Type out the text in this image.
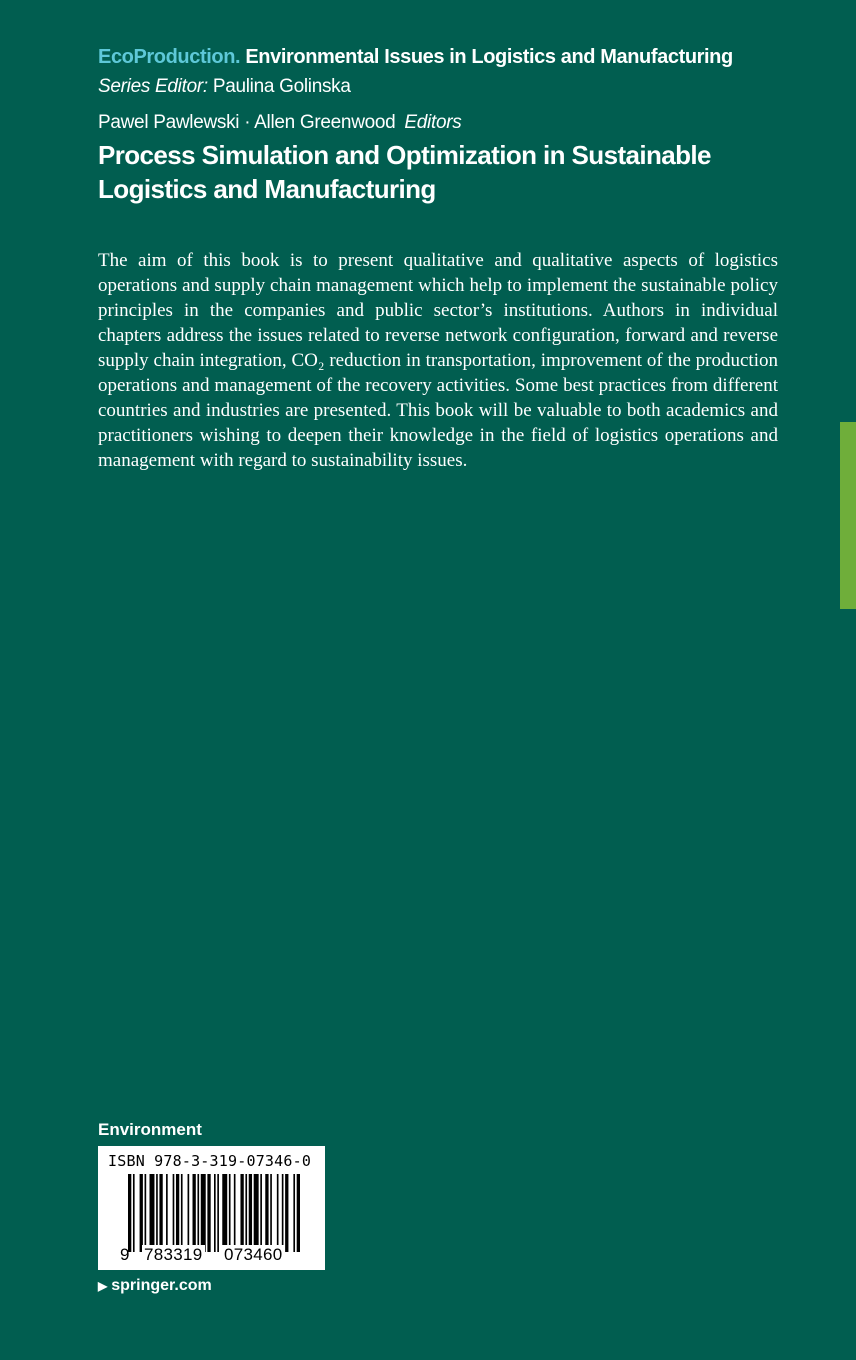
EcoProduction. Environmental Issues in Logistics and Manufacturing
Series Editor: Paulina Golinska
Pawel Pawlewski · Allen Greenwood Editors
Process Simulation and Optimization in Sustainable Logistics and Manufacturing
The aim of this book is to present qualitative and qualitative aspects of logistics operations and supply chain management which help to implement the sustainable policy principles in the companies and public sector’s institutions. Authors in individual chapters address the issues related to reverse network configuration, forward and reverse supply chain integration, CO₂ reduction in transportation, improvement of the production operations and management of the recovery activities. Some best practices from different countries and industries are presented. This book will be valuable to both academics and practitioners wishing to deepen their knowledge in the field of logistics operations and management with regard to sustainability issues.
Environment
ISBN 978-3-319-07346-0
9 783319 073460
▶ springer.com
